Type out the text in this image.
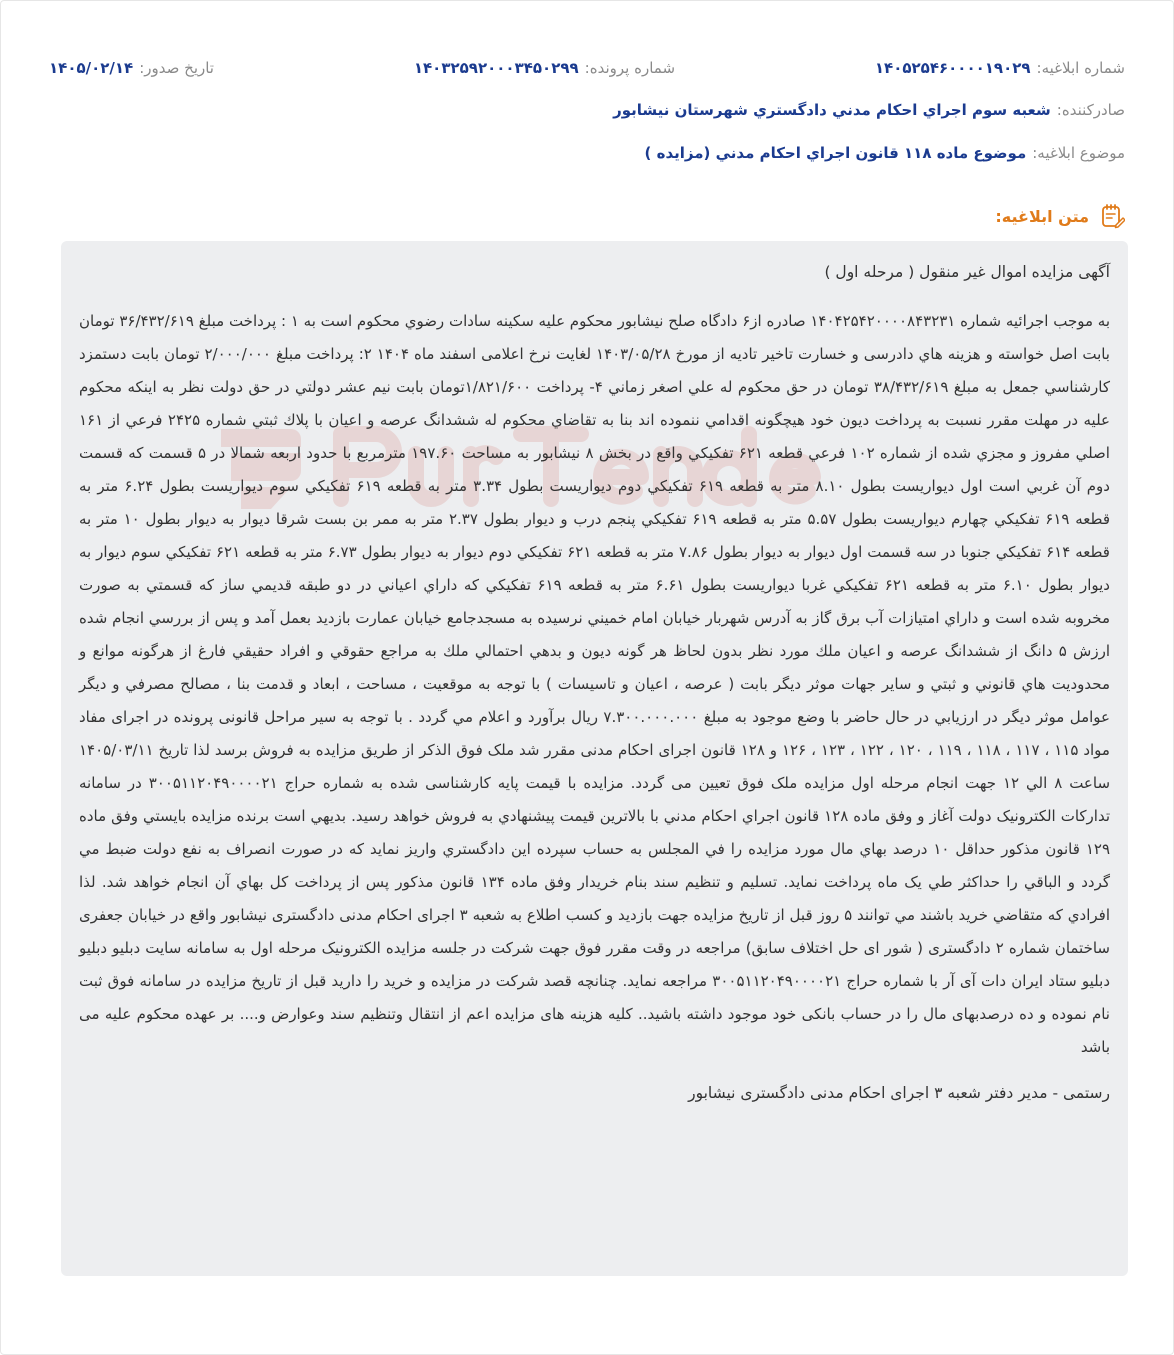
شماره ابلاغیه:
۱۴۰۵۲۵۴۶۰۰۰۰۱۹۰۲۹
شماره پرونده:
۱۴۰۳۲۵۹۲۰۰۰۳۴۵۰۲۹۹
تاریخ صدور:
۱۴۰۵/۰۲/۱۴
صادرکننده:
شعبه سوم اجراي احكام مدني دادگستري شهرستان نيشابور
موضوع ابلاغیه:
موضوع ماده ۱۱۸ قانون اجراي احكام مدني (مزايده )
متن ابلاغیه:

آگهی مزایده اموال غیر منقول ( مرحله اول )

به موجب اجرائيه شماره ۱۴۰۴۲۵۴۲۰۰۰۰۸۴۳۲۳۱ صادره از۶ دادگاه صلح نيشابور محكوم عليه سكينه سادات رضوي محكوم است به ۱ : پرداخت مبلغ ۳۶/۴۳۲/۶۱۹ تومان بابت اصل خواسته و هزينه هاي دادرسی و خسارت تاخير تاديه از مورخ ۱۴۰۳/۰۵/۲۸ لغایت نرخ اعلامی اسفند ماه ۱۴۰۴ ۲: پرداخت مبلغ ۲/۰۰۰/۰۰۰ تومان بابت دستمزد كارشناسي جمعل به مبلغ ۳۸/۴۳۲/۶۱۹ تومان در حق محكوم له علي اصغر زماني ۴- پرداخت ۱/۸۲۱/۶۰۰تومان بابت نيم عشر دولتي در حق دولت نظر به اينكه محكوم عليه در مهلت مقرر نسبت به پرداخت ديون خود هيچگونه اقدامي ننموده اند بنا به تقاضاي محكوم له ششدانگ عرصه و اعيان با پلاك ثبتي شماره ۲۴۲۵ فرعي از ۱۶۱ اصلي مفروز و مجزي شده از شماره ۱۰۲ فرعي قطعه ۶۲۱ تفكيكي واقع در بخش ۸ نيشابور به مساحت ۱۹۷.۶۰ مترمربع با حدود اربعه شمالا در ۵ قسمت كه قسمت دوم آن غربي است اول ديواريست بطول ۸.۱۰ متر به قطعه ۶۱۹ تفكيكي دوم ديواريست بطول ۳.۳۴ متر به قطعه ۶۱۹ تفكيكي سوم ديواريست بطول ۶.۲۴ متر به قطعه ۶۱۹ تفكيكي چهارم ديواريست بطول ۵.۵۷ متر به قطعه ۶۱۹ تفكيكي پنجم درب و ديوار بطول ۲.۳۷ متر به ممر بن بست شرقا ديوار به ديوار بطول ۱۰ متر به قطعه ۶۱۴ تفكيكي جنوبا در سه قسمت اول ديوار به ديوار بطول ۷.۸۶ متر به قطعه ۶۲۱ تفكيكي دوم ديوار به ديوار بطول ۶.۷۳ متر به قطعه ۶۲۱ تفكيكي سوم ديوار به ديوار بطول ۶.۱۰ متر به قطعه ۶۲۱ تفكيكي غربا ديواريست بطول ۶.۶۱ متر به قطعه ۶۱۹ تفكيكي كه داراي اعياني در دو طبقه قديمي ساز كه قسمتي به صورت مخروبه شده است و داراي امتيازات آب برق گاز به آدرس شهربار خيابان امام خميني نرسيده به مسجدجامع خيابان عمارت بازديد بعمل آمد و پس از بررسي انجام شده ارزش ۵ دانگ از ششدانگ عرصه و اعيان ملك مورد نظر بدون لحاظ هر گونه ديون و بدهي احتمالي ملك به مراجع حقوقي و افراد حقيقي فارغ از هرگونه موانع و محدوديت هاي قانوني و ثبتي و ساير جهات موثر ديگر بابت ( عرصه ، اعيان و تاسيسات ) با توجه به موقعيت ، مساحت ، ابعاد و قدمت بنا ، مصالح مصرفي و ديگر عوامل موثر ديگر در ارزيابي در حال حاضر با وضع موجود به مبلغ ۷.۳۰۰.۰۰۰.۰۰۰ ريال برآورد و اعلام مي گردد . با توجه به سير مراحل قانونی پرونده در اجرای مفاد مواد ۱۱۵ ، ۱۱۷ ، ۱۱۸ ، ۱۱۹ ، ۱۲۰ ، ۱۲۲ ، ۱۲۳ ، ۱۲۶ و ۱۲۸ قانون اجرای احکام مدنی مقرر شد ملک فوق الذکر از طریق مزایده به فروش برسد لذا تاریخ ۱۴۰۵/۰۳/۱۱ ساعت ۸ الي ۱۲ جهت انجام مرحله اول مزایده ملک فوق تعیین می گردد. مزایده با قیمت پایه کارشناسی شده به شماره حراج ۳۰۰۵۱۱۲۰۴۹۰۰۰۰۲۱ در سامانه تدارکات الکترونیک دولت آغاز و وفق ماده ۱۲۸ قانون اجراي احكام مدني با بالاترين قيمت پيشنهادي به فروش خواهد رسيد. بديهي است برنده مزايده بايستي وفق ماده ۱۲۹ قانون مذكور حداقل ۱۰ درصد بهاي مال مورد مزايده را في المجلس به حساب سپرده اين دادگستري واريز نمايد كه در صورت انصراف به نفع دولت ضبط مي گردد و الباقي را حداكثر طي يک ماه پرداخت نمايد. تسليم و تنظيم سند بنام خريدار وفق ماده ۱۳۴ قانون مذكور پس از پرداخت كل بهاي آن انجام خواهد شد. لذا افرادي كه متقاضي خريد باشند مي توانند ۵ روز قبل از تاریخ مزایده جهت بازدید و کسب اطلاع به شعبه ۳ اجرای احکام مدنی دادگستری نیشابور واقع در خیابان جعفری ساختمان شماره ۲ دادگستری ( شور ای حل اختلاف سابق) مراجعه در وقت مقرر فوق جهت شرکت در جلسه مزایده الکترونیک مرحله اول به سامانه سایت دبلیو دبلیو دبلیو ستاد ایران دات آی آر با شماره حراج ۳۰۰۵۱۱۲۰۴۹۰۰۰۰۲۱ مراجعه نماید. چنانچه قصد شرکت در مزایده و خرید را دارید قبل از تاریخ مزایده در سامانه فوق ثبت نام نموده و ده درصدبهای مال را در حساب بانکی خود موجود داشته باشید.. کلیه هزینه های مزایده اعم از انتقال وتنظیم سند وعوارض و.... بر عهده محکوم علیه می باشد

رستمی - مدیر دفتر شعبه ۳ اجرای احکام مدنی دادگستری نیشابور
